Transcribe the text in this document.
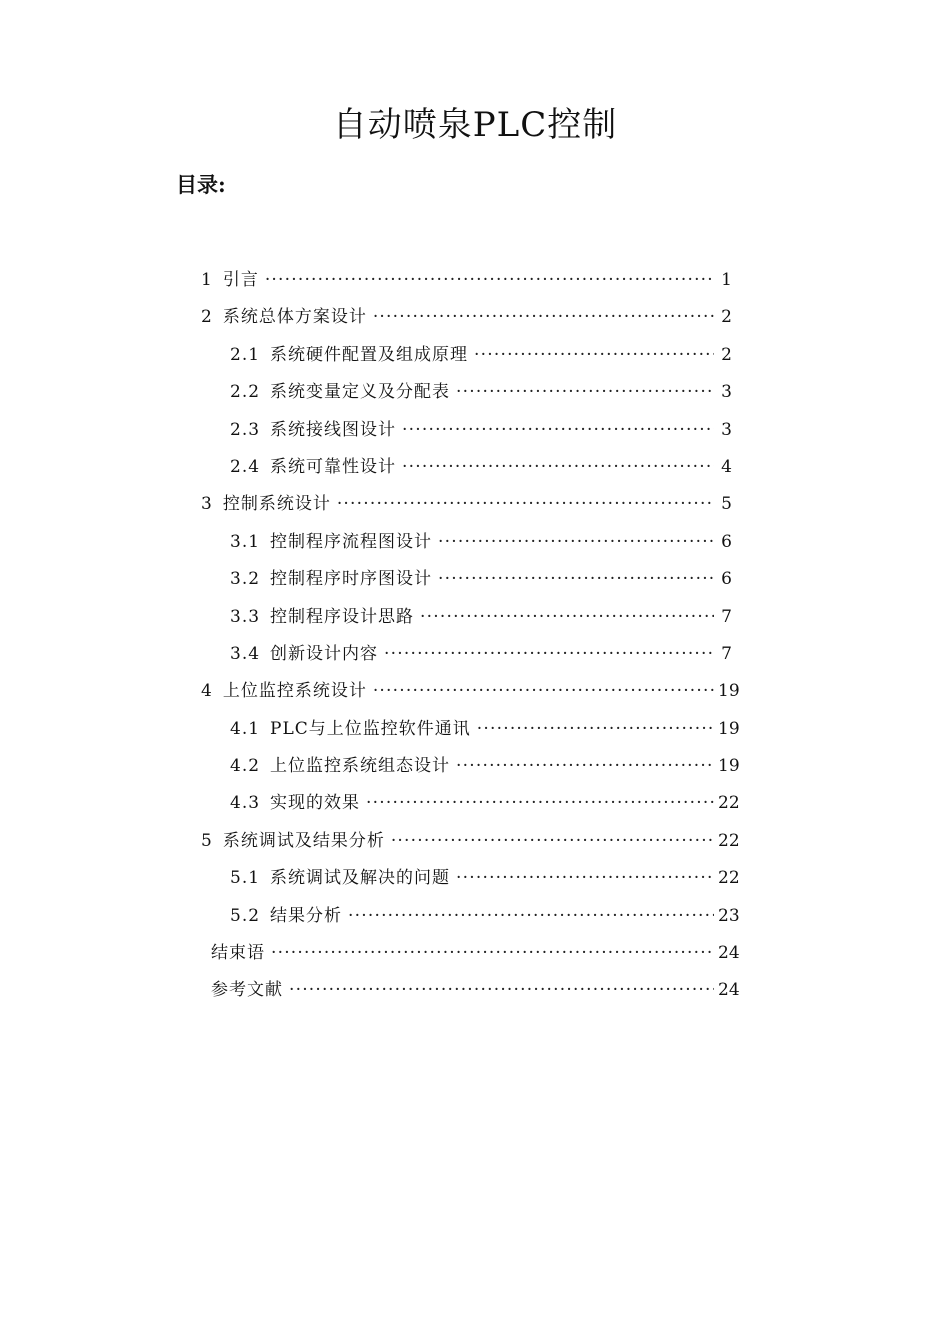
自动喷泉PLC控制
目录:
1 引言 ·····	1
2 系统总体方案设计 ·····	2
2.1 系统硬件配置及组成原理 ·····	2
2.2 系统变量定义及分配表 ·····	3
2.3 系统接线图设计 ·····	3
2.4 系统可靠性设计 ·····	4
3 控制系统设计 ·····	5
3.1 控制程序流程图设计 ·····	6
3.2 控制程序时序图设计 ·····	6
3.3 控制程序设计思路 ·····	7
3.4 创新设计内容 ·····	7
4 上位监控系统设计 ·····	19
4.1 PLC与上位监控软件通讯 ·····	19
4.2 上位监控系统组态设计 ·····	19
4.3 实现的效果 ·····	22
5 系统调试及结果分析 ·····	22
5.1 系统调试及解决的问题 ·····	22
5.2 结果分析 ·····	23
结束语 ·····	24
参考文献 ·····	24
